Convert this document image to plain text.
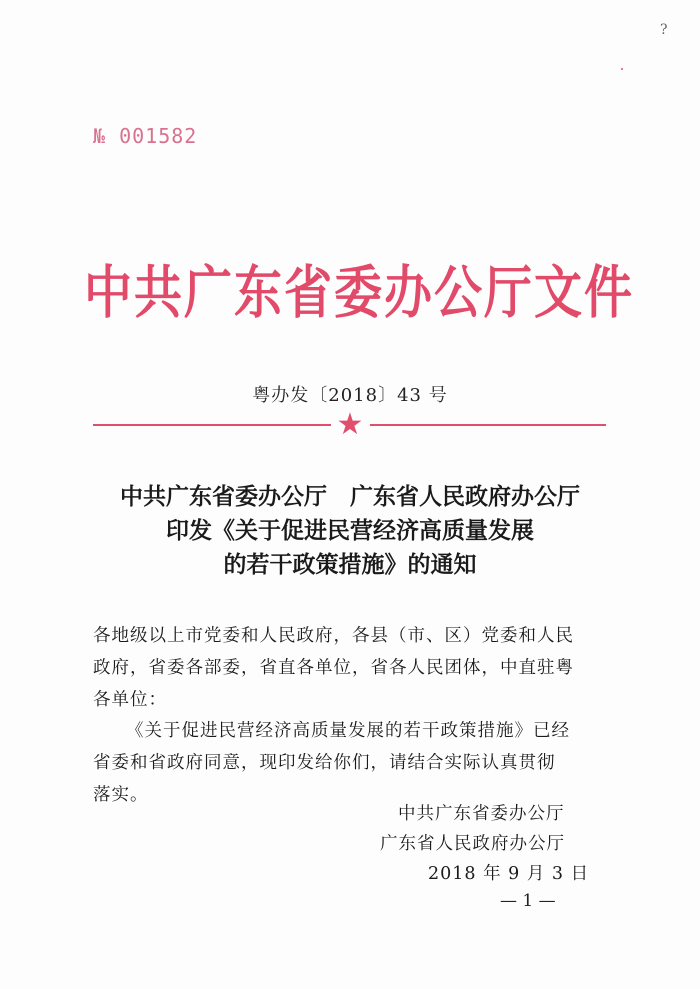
?
№ 001582
中共广东省委办公厅文件
粤办发〔2018〕43 号
★
中共广东省委办公厅　广东省人民政府办公厅
印发《关于促进民营经济高质量发展
的若干政策措施》的通知
各地级以上市党委和人民政府，各县（市、区）党委和人民
政府，省委各部委，省直各单位，省各人民团体，中直驻粤
各单位：
《关于促进民营经济高质量发展的若干政策措施》已经
省委和省政府同意，现印发给你们，请结合实际认真贯彻
落实。
中共广东省委办公厅
广东省人民政府办公厅
2018 年 9 月 3 日
— 1 —
